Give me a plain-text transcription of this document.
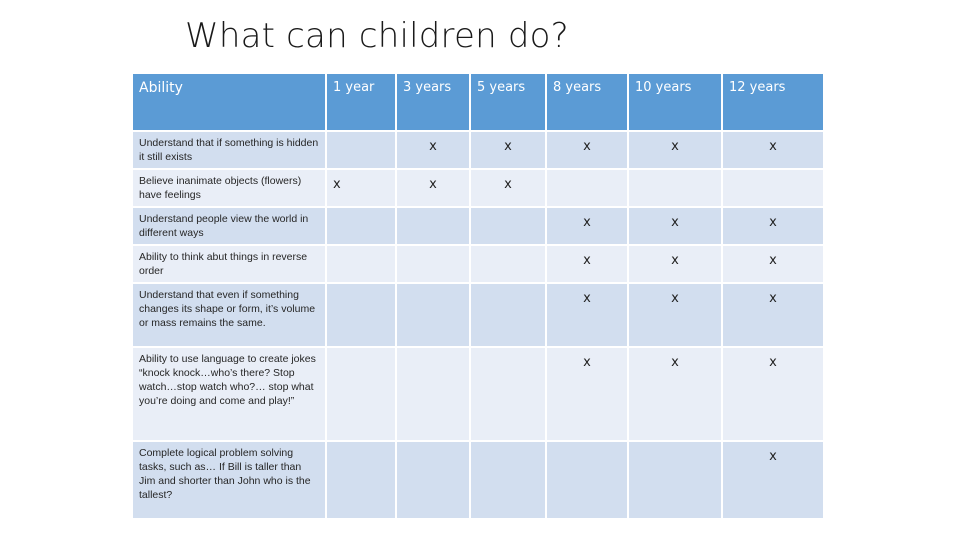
What can children do?
Ability	1 year	3 years	5 years	8 years	10 years	12 years

Understand that if something is hidden it still exists		x	x	x	x	x
Believe inanimate objects (flowers) have feelings	x	x	x			
Understand people view the world in different ways				x	x	x
Ability to think abut things in reverse order				x	x	x
Understand that even if something changes its shape or form, it’s volume or mass remains the same.				x	x	x
Ability to use language to create jokes “knock knock…who’s there? Stop watch…stop watch who?… stop what you’re doing and come and play!”				x	x	x
Complete logical problem solving tasks, such as… If Bill is taller than Jim and shorter than John who is the tallest?						x
